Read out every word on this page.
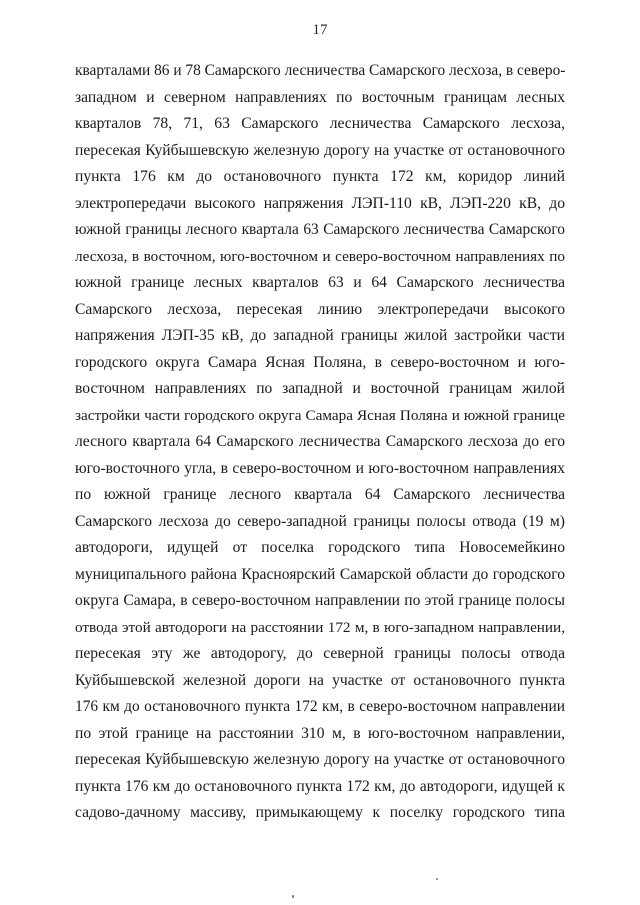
17
кварталами 86 и 78 Самарского лесничества Самарского лесхоза, в северо-
западном и северном направлениях по восточным границам лесных
кварталов 78, 71, 63 Самарского лесничества Самарского лесхоза,
пересекая Куйбышевскую железную дорогу на участке от остановочного
пункта 176 км до остановочного пункта 172 км, коридор линий
электропередачи высокого напряжения ЛЭП-110 кВ, ЛЭП-220 кВ, до
южной границы лесного квартала 63 Самарского лесничества Самарского
лесхоза, в восточном, юго-восточном и северо-восточном направлениях по
южной границе лесных кварталов 63 и 64 Самарского лесничества
Самарского лесхоза, пересекая линию электропередачи высокого
напряжения ЛЭП-35 кВ, до западной границы жилой застройки части
городского округа Самара Ясная Поляна, в северо-восточном и юго-
восточном направлениях по западной и восточной границам жилой
застройки части городского округа Самара Ясная Поляна и южной границе
лесного квартала 64 Самарского лесничества Самарского лесхоза до его
юго-восточного угла, в северо-восточном и юго-восточном направлениях
по южной границе лесного квартала 64 Самарского лесничества
Самарского лесхоза до северо-западной границы полосы отвода (19 м)
автодороги, идущей от поселка городского типа Новосемейкино
муниципального района Красноярский Самарской области до городского
округа Самара, в северо-восточном направлении по этой границе полосы
отвода этой автодороги на расстоянии 172 м, в юго-западном направлении,
пересекая эту же автодорогу, до северной границы полосы отвода
Куйбышевской железной дороги на участке от остановочного пункта
176 км до остановочного пункта 172 км, в северо-восточном направлении
по этой границе на расстоянии 310 м, в юго-восточном направлении,
пересекая Куйбышевскую железную дорогу на участке от остановочного
пункта 176 км до остановочного пункта 172 км, до автодороги, идущей к
садово-дачному массиву, примыкающему к поселку городского типа
